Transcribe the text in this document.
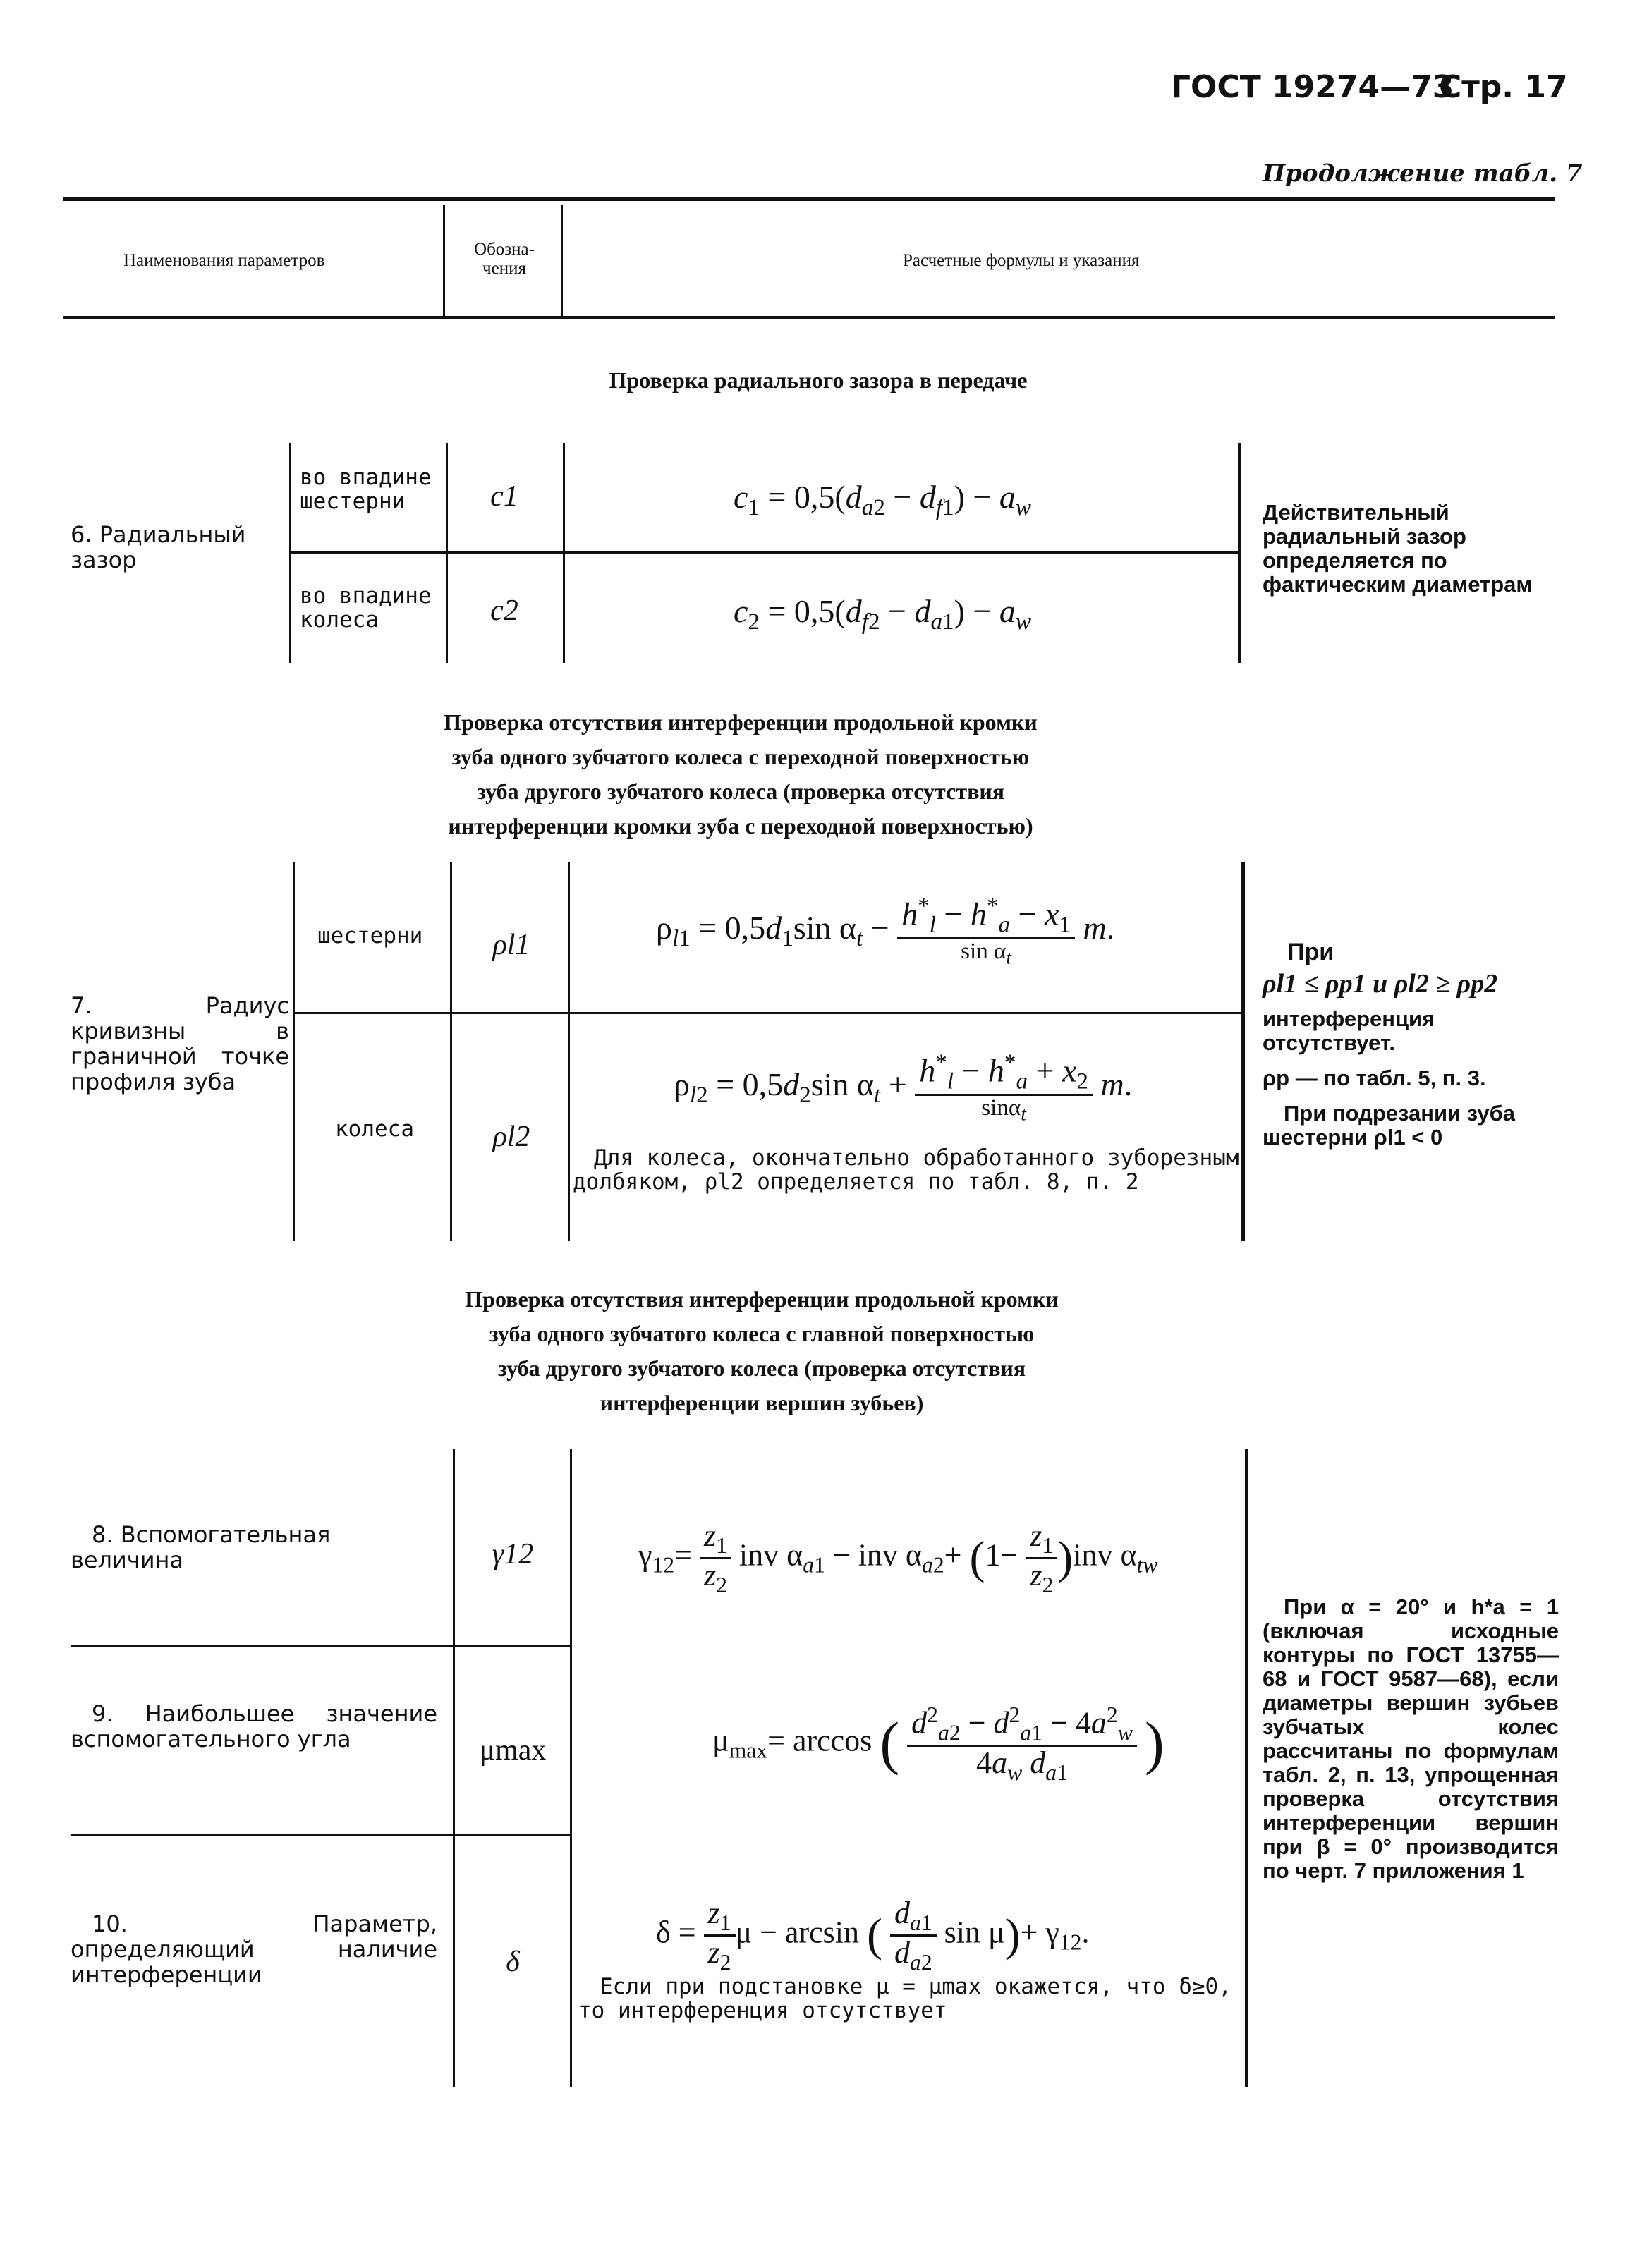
ГОСТ 19274—73
Стр. 17
Продолжение табл. 7
Наименования параметров
Обозна-
чения	Расчетные формулы и указания
Проверка радиального зазора в передаче
6. Радиальный зазор
во впадине шестерни
во впадине колеса
c1
c2
$c_1 = 0,5(d_{a2} - d_{f1}) - a_w$
$c_2 = 0,5(d_{f2} - d_{a1}) - a_w$
Действительный радиальный зазор определяется по фактическим диаметрам
Проверка отсутствия интерференции продольной кромки
зуба одного зубчатого колеса с переходной поверхностью
зуба другого зубчатого колеса (проверка отсутствия
интерференции кромки зуба с переходной поверхностью)
7. Радиус кривизны в граничной точке профиля зуба
шестерни
колеса
ρl1
ρl2
$\rho_{l1} = 0,5d_1\sin$ $\alpha_t - h^*_l - h^*_a - x_1$
$\sin \alpha_t$
m.
$\rho_{l2} = 0,5d_2\sin$ $\alpha_t + h^*_l - h^*_a + x_2$
sinα$_t$
m.
Для колеса, окончательно обработанного зуборезным долбяком, ρl2 определяется по табл. 8, п. 2
При
ρl1 ≤ ρp1 и ρl2 ≥ ρp2
интерференция отсутствует.
ρp — по табл. 5, п. 3.
При подрезании зуба шестерни ρl1 < 0
Проверка отсутствия интерференции продольной кромки
зуба одного зубчатого колеса с главной поверхностью
зуба другого зубчатого колеса (проверка отсутствия
интерференции вершин зубьев)
8. Вспомогательная величина
9. Наибольшее значение вспомогательного угла
10. Параметр, определяющий наличие интерференции
γ12
μmax
δ
$\gamma_{12}= \frac{z_1}{z_2}$ inv $\alpha_{a1}$ − inv $\alpha_{a2}+ (1- \frac{z_1}{z_2} )inv$ $\alpha_{tw}$
$\mu_{max}= \arccos$ ( $\frac{d^2_{a2} - d^2_{a1} - 4a^2_w}{4a_w d_{a1}}$ )
$\delta = \frac{z_1}{z_2}$ μ − arcsin ( $\frac{d_{a1}}{d_{a2}}$ $\sin \mu)+ \gamma_{12}$.
Если при подстановке μ = μmax окажется, что δ≥0, то интерференция отсутствует
При α = 20° и h*a = 1 (включая исходные контуры по ГОСТ 13755—68 и ГОСТ 9587—68), если диаметры вершин зубьев зубчатых колес рассчитаны по формулам табл. 2, п. 13, упрощенная проверка отсутствия интерференции вершин при β = 0° производится по черт. 7 приложения 1
